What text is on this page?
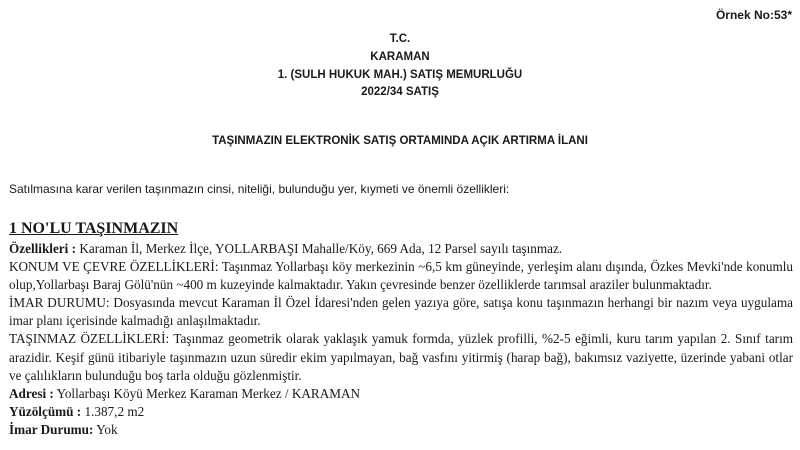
Örnek No:53*
T.C.
KARAMAN
1. (SULH HUKUK MAH.) SATIŞ MEMURLUĞU
2022/34 SATIŞ
TAŞINMAZIN ELEKTRONİK SATIŞ ORTAMINDA AÇIK ARTIRMA İLANI
Satılmasına karar verilen taşınmazın cinsi, niteliği, bulunduğu yer, kıymeti ve önemli özellikleri:
1 NO'LU TAŞINMAZIN
Özellikleri : Karaman İl, Merkez İlçe, YOLLARBAŞI Mahalle/Köy, 669 Ada, 12 Parsel sayılı taşınmaz.
KONUM VE ÇEVRE ÖZELLİKLERİ: Taşınmaz Yollarbaşı köy merkezinin ~6,5 km güneyinde, yerleşim alanı dışında, Özkes Mevki'nde konumlu olup,Yollarbaşı Baraj Gölü'nün ~400 m kuzeyinde kalmaktadır. Yakın çevresinde benzer özelliklerde tarımsal araziler bulunmaktadır.
İMAR DURUMU: Dosyasında mevcut Karaman İl Özel İdaresi'nden gelen yazıya göre, satışa konu taşınmazın herhangi bir nazım veya uygulama imar planı içerisinde kalmadığı anlaşılmaktadır.
TAŞINMAZ ÖZELLİKLERİ: Taşınmaz geometrik olarak yaklaşık yamuk formda, yüzlek profilli, %2-5 eğimli, kuru tarım yapılan 2. Sınıf tarım arazidir. Keşif günü itibariyle taşınmazın uzun süredir ekim yapılmayan, bağ vasfını yitirmiş (harap bağ), bakımsız vaziyette, üzerinde yabani otlar ve çalılıkların bulunduğu boş tarla olduğu gözlenmiştir.
Adresi : Yollarbaşı Köyü Merkez Karaman Merkez / KARAMAN
Yüzölçümü : 1.387,2 m2
İmar Durumu: Yok
